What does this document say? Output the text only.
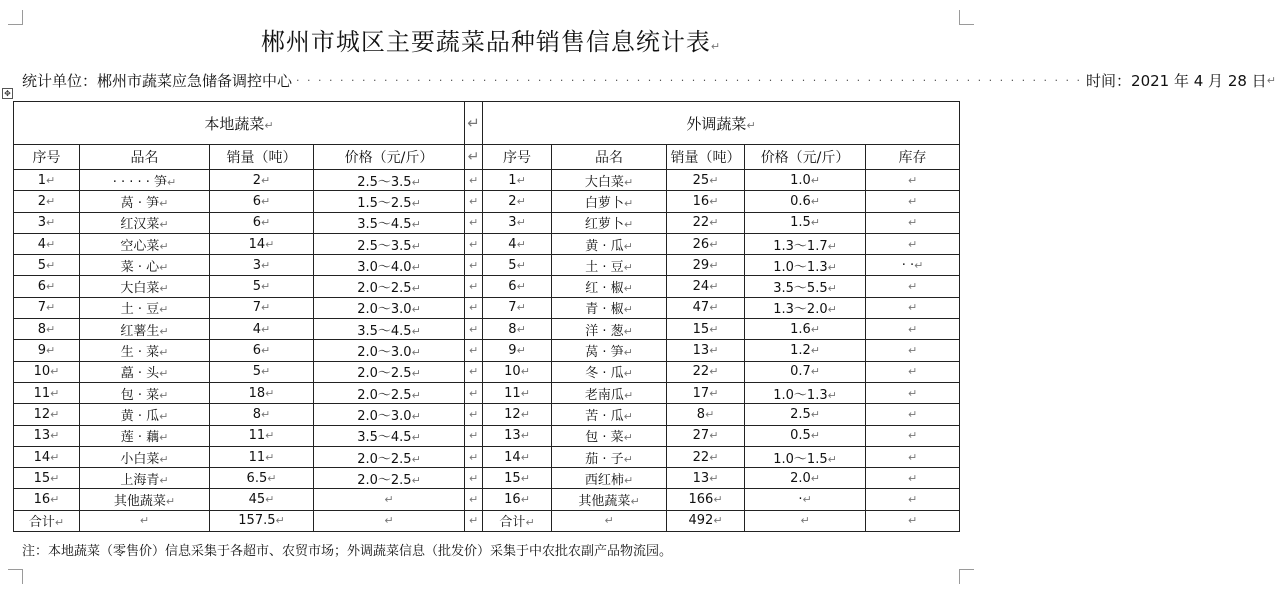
郴州市城区主要蔬菜品种销售信息统计表↵
统计单位：郴州市蔬菜应急储备调控中心 · · · · · · · · · · · · · · · · · · · · · · · · · · · · · · · · · · · · · · · · · · · · · · · · · · · · · · · · · · · · · · · · · · · · · · · · 时间：2021 年 4 月 28 日 ↵
✥
本地蔬菜↵				↵	外调蔬菜↵				
序号	品名	销量（吨）	价格（元/斤）	↵	序号	品名	销量（吨）	价格（元/斤）	库存
1↵	· · · · · 笋↵	2↵	2.5～3.5↵	↵	1↵	大白菜↵	25↵	1.0↵	↵
2↵	莴 · 笋↵	6↵	1.5～2.5↵	↵	2↵	白萝卜↵	16↵	0.6↵	↵
3↵	红汉菜↵	6↵	3.5～4.5↵	↵	3↵	红萝卜↵	22↵	1.5↵	↵
4↵	空心菜↵	14↵	2.5～3.5↵	↵	4↵	黄 · 瓜↵	26↵	1.3～1.7↵	↵
5↵	菜 · 心↵	3↵	3.0～4.0↵	↵	5↵	土 · 豆↵	29↵	1.0～1.3↵	· ·↵
6↵	大白菜↵	5↵	2.0～2.5↵	↵	6↵	红 · 椒↵	24↵	3.5～5.5↵	↵
7↵	土 · 豆↵	7↵	2.0～3.0↵	↵	7↵	青 · 椒↵	47↵	1.3～2.0↵	↵
8↵	红薯生↵	4↵	3.5～4.5↵	↵	8↵	洋 · 葱↵	15↵	1.6↵	↵
9↵	生 · 菜↵	6↵	2.0～3.0↵	↵	9↵	莴 · 笋↵	13↵	1.2↵	↵
10↵	藠 · 头↵	5↵	2.0～2.5↵	↵	10↵	冬 · 瓜↵	22↵	0.7↵	↵
11↵	包 · 菜↵	18↵	2.0～2.5↵	↵	11↵	老南瓜↵	17↵	1.0～1.3↵	↵
12↵	黄 · 瓜↵	8↵	2.0～3.0↵	↵	12↵	苦 · 瓜↵	8↵	2.5↵	↵
13↵	莲 · 藕↵	11↵	3.5～4.5↵	↵	13↵	包 · 菜↵	27↵	0.5↵	↵
14↵	小白菜↵	11↵	2.0～2.5↵	↵	14↵	茄 · 子↵	22↵	1.0～1.5↵	↵
15↵	上海青↵	6.5↵	2.0～2.5↵	↵	15↵	西红柿↵	13↵	2.0↵	↵
16↵	其他蔬菜↵	45↵	↵	↵	16↵	其他蔬菜↵	166↵	·↵	↵
合计↵	↵	157.5↵	↵	↵	合计↵	↵	492↵	↵	↵
注：本地蔬菜（零售价）信息采集于各超市、农贸市场；外调蔬菜信息（批发价）采集于中农批农副产品物流园。
